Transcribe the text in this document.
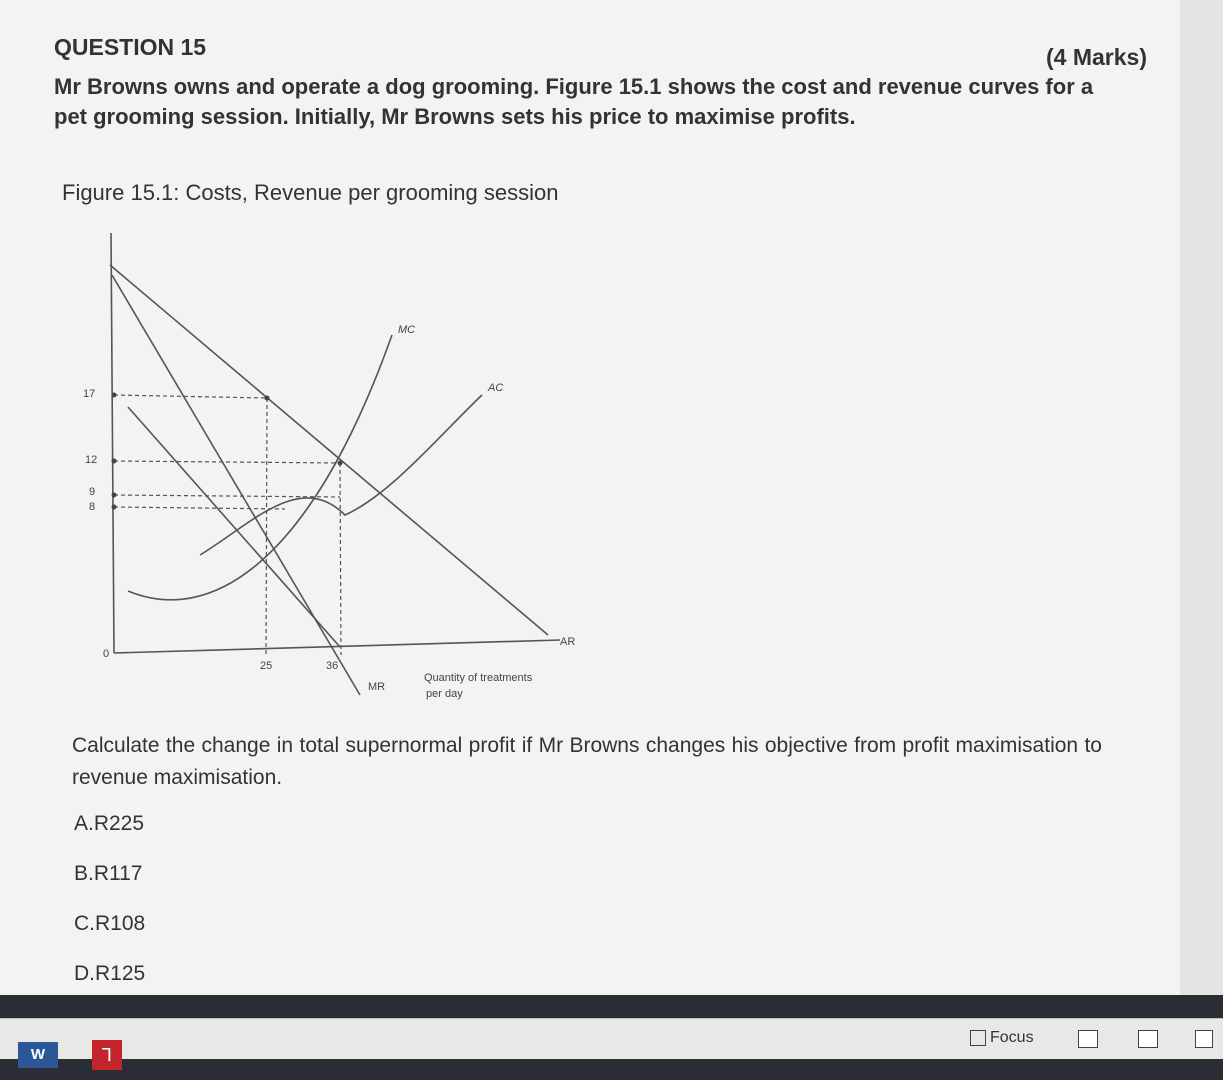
QUESTION 15	(4 Marks)
Mr Browns owns and operate a dog grooming. Figure 15.1 shows the cost and revenue curves for a pet grooming session. Initially, Mr Browns sets his price to maximise profits.
Figure 15.1: Costs, Revenue per grooming session
17
12
9
8
0
25	36
MC
AC
AR
MR
Quantity of treatments per day
Calculate the change in total supernormal profit if Mr Browns changes his objective from profit maximisation to revenue maximisation.
A.R225
B.R117
C.R108
D.R125
Focus
W	⅂
